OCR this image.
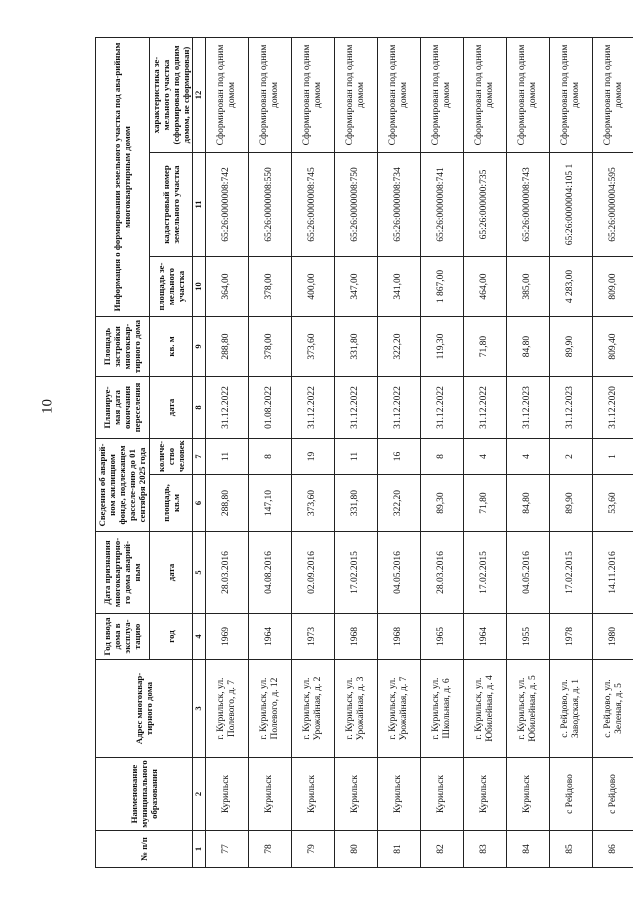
10
№ п/п	Наименование муниципального образования	Адрес многоквар-тирного дома	Год ввода дома в эксплуа-тацию	Дата признания многоквартирно-го дома аварий-ным	Сведения об аварий-ном жилищном фонде, подлежащем расселе-нию до 01 сентября 2025 года		Планируе-мая дата окончания переселения	Площадь застройки многоквар-тирного дома	Информация о формировании земельного участка под ава-рийным многоквартирным домом		
			год	дата	площадь, кв.м	количе-ство человек	дата	кв. м	площадь зе-мельного участка	кадастровый номер земельного участка	характеристика зе-мельного участка (сформирован под одним домом, не сформирован)
1	2	3	4	5	6	7	8	9	10	11	12
77	Курильск	г. Курильск, ул. Полевого, д. 7	1969	28.03.2016	288,80	11	31.12.2022	288,80	364,00	65:26:0000008:742	Сформирован под одним домом
78	Курильск	г. Курильск, ул. Полевого, д. 12	1964	04.08.2016	147,10	8	01.08.2022	378,00	378,00	65:26:0000008:550	Сформирован под одним домом
79	Курильск	г. Курильск, ул. Урожайная, д. 2	1973	02.09.2016	373,60	19	31.12.2022	373,60	400,00	65:26:0000008:745	Сформирован под одним домом
80	Курильск	г. Курильск, ул. Урожайная, д. 3	1968	17.02.2015	331,80	11	31.12.2022	331,80	347,00	65:26:0000008:750	Сформирован под одним домом
81	Курильск	г. Курильск, ул. Урожайная, д. 7	1968	04.05.2016	322,20	16	31.12.2022	322,20	341,00	65:26:0000008:734	Сформирован под одним домом
82	Курильск	г. Курильск, ул. Школьная, д. 6	1965	28.03.2016	89,30	8	31.12.2022	119,30	1 867,00	65:26:0000008:741	Сформирован под одним домом
83	Курильск	г. Курильск, ул. Юбилейная, д. 4	1964	17.02.2015	71,80	4	31.12.2022	71,80	464,00	65:26:000000:735	Сформирован под одним домом
84	Курильск	г. Курильск, ул. Юбилейная, д. 5	1955	04.05.2016	84,80	4	31.12.2023	84,80	385,00	65:26:0000008:743	Сформирован под одним домом
85	с Рейдово	с. Рейдово, ул. Заводская, д. 1	1978	17.02.2015	89,90	2	31.12.2023	89,90	4 283,00	65:26:0000004:105 1	Сформирован под одним домом
86	с Рейдово	с. Рейдово, ул. Зеленая, д. 5	1980	14.11.2016	53,60	1	31.12.2020	809,40	809,00	65:26:0000004:595	Сформирован под одним домом
